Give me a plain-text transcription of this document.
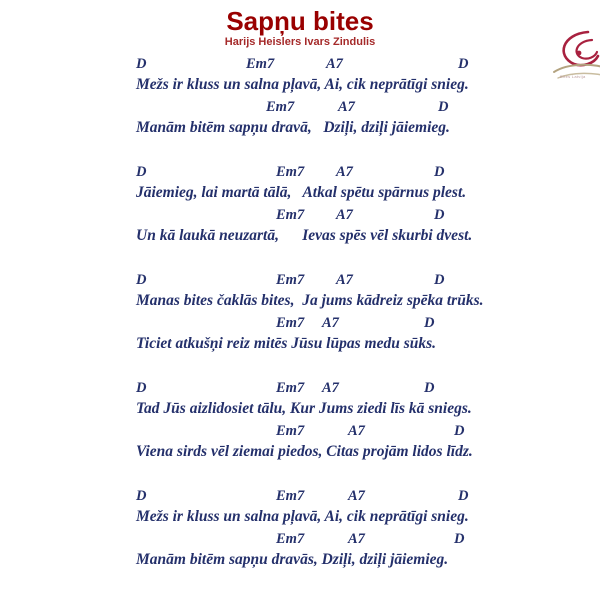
Sapņu bites
Harijs Heislers Ivars Zindulis
Bites Latvija
D	Em7	A7	D
Mežs ir kluss un salna pļavā, Ai, cik neprātīgi snieg.
Em7	A7	D
Manām bitēm sapņu dravā,   Dziļi, dziļi jāiemieg.
D	Em7 A7	D
Jāiemieg, lai martā tālā,   Atkal spētu spārnus plest.
Em7 A7	D
Un kā laukā neuzartā,      Ievas spēs vēl skurbi dvest.
D	Em7 A7	D
Manas bites čaklās bites,  Ja jums kādreiz spēka trūks.
Em7 A7	D
Ticiet atkušņi reiz mitēs Jūsu lūpas medu sūks.
D	Em7 A7	D
Tad Jūs aizlidosiet tālu, Kur Jums ziedi līs kā sniegs.
Em7	A7	D
Viena sirds vēl ziemai piedos, Citas projām lidos līdz.
D	Em7	A7	D
Mežs ir kluss un salna pļavā, Ai, cik neprātīgi snieg.
Em7	A7	D
Manām bitēm sapņu dravās, Dziļi, dziļi jāiemieg.
